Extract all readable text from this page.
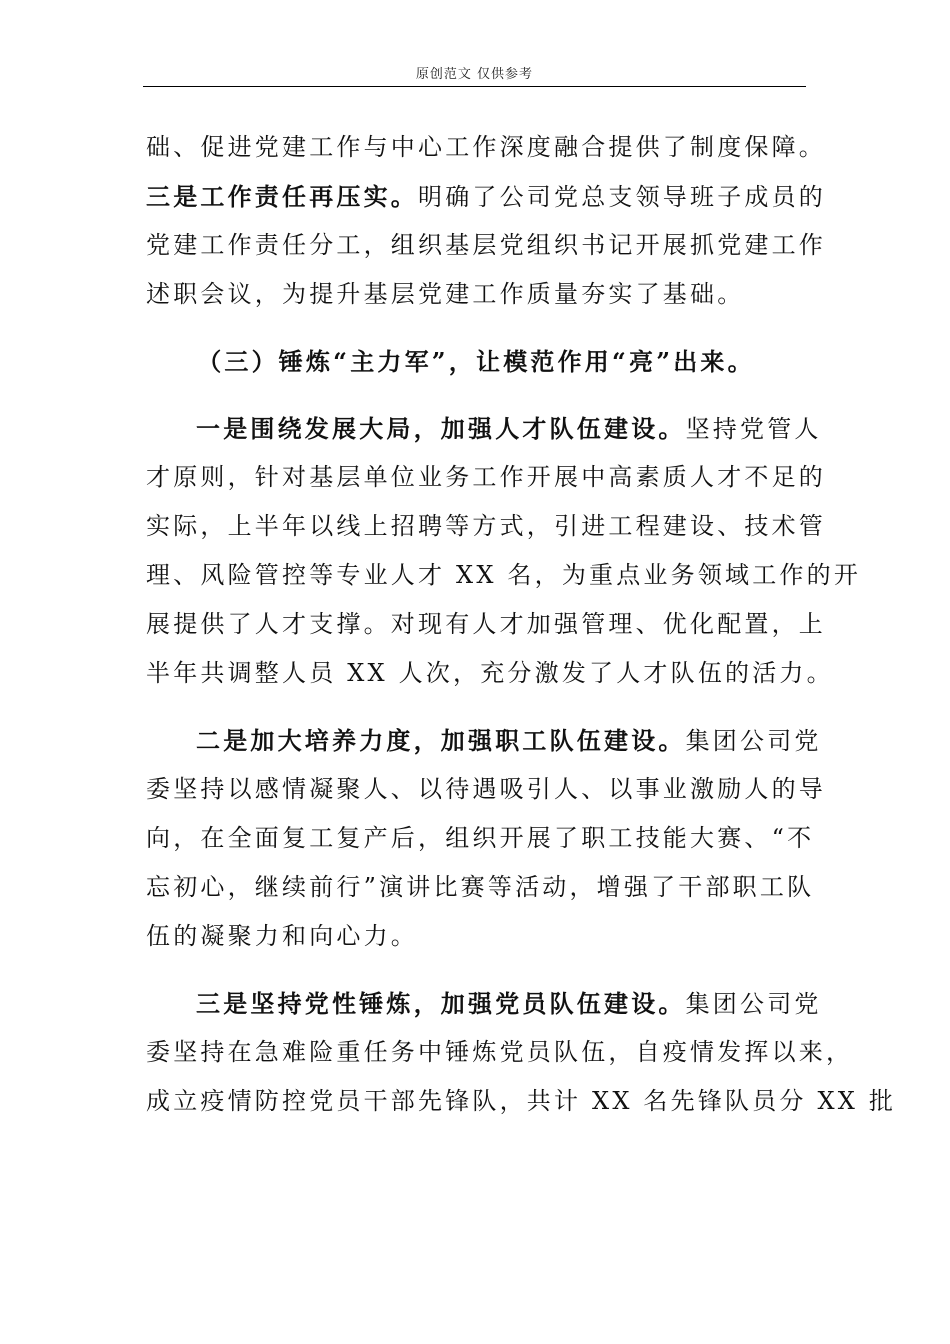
原创范文 仅供参考
础、促进党建工作与中心工作深度融合提供了制度保障。
三是工作责任再压实。明确了公司党总支领导班子成员的
党建工作责任分工，组织基层党组织书记开展抓党建工作
述职会议，为提升基层党建工作质量夯实了基础。
（三）锤炼“主力军”，让模范作用“亮”出来。
一是围绕发展大局，加强人才队伍建设。坚持党管人
才原则，针对基层单位业务工作开展中高素质人才不足的
实际，上半年以线上招聘等方式，引进工程建设、技术管
理、风险管控等专业人才 XX 名，为重点业务领域工作的开
展提供了人才支撑。对现有人才加强管理、优化配置，上
半年共调整人员 XX 人次，充分激发了人才队伍的活力。
二是加大培养力度，加强职工队伍建设。集团公司党
委坚持以感情凝聚人、以待遇吸引人、以事业激励人的导
向，在全面复工复产后，组织开展了职工技能大赛、“不
忘初心，继续前行”演讲比赛等活动，增强了干部职工队
伍的凝聚力和向心力。
三是坚持党性锤炼，加强党员队伍建设。集团公司党
委坚持在急难险重任务中锤炼党员队伍，自疫情发挥以来，
成立疫情防控党员干部先锋队，共计 XX 名先锋队员分 XX 批
